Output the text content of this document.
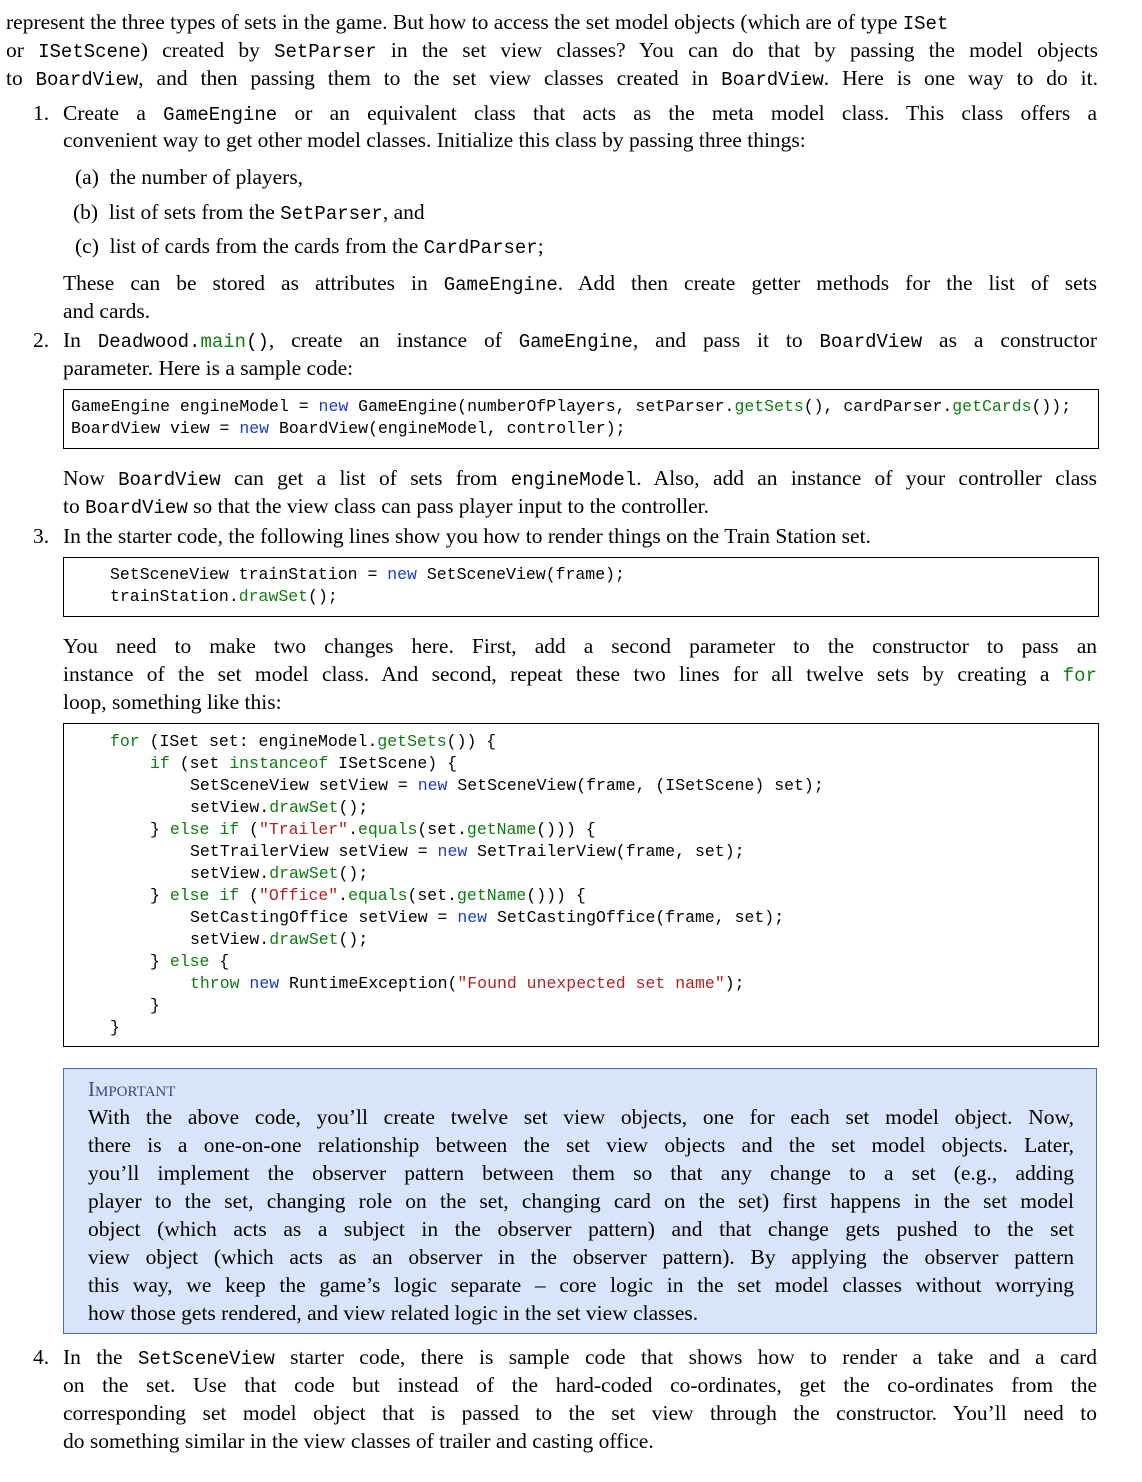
represent the three types of sets in the game. But how to access the set model objects (which are of type ISet
or ISetScene) created by SetParser in the set view classes? You can do that by passing the model objects
to BoardView, and then passing them to the set view classes created in BoardView. Here is one way to do it.
1. Create a GameEngine or an equivalent class that acts as the meta model class. This class offers a
convenient way to get other model classes. Initialize this class by passing three things:
(a) the number of players,
(b) list of sets from the SetParser, and
(c) list of cards from the cards from the CardParser;
These can be stored as attributes in GameEngine. Add then create getter methods for the list of sets
and cards.
2. In Deadwood.main(), create an instance of GameEngine, and pass it to BoardView as a constructor
parameter. Here is a sample code:
GameEngine engineModel = new GameEngine(numberOfPlayers, setParser.getSets(), cardParser.getCards());
BoardView view = new BoardView(engineModel, controller);
Now BoardView can get a list of sets from engineModel. Also, add an instance of your controller class
to BoardView so that the view class can pass player input to the controller.
3. In the starter code, the following lines show you how to render things on the Train Station set.
SetSceneView trainStation = new SetSceneView(frame);
trainStation.drawSet();
You need to make two changes here. First, add a second parameter to the constructor to pass an
instance of the set model class. And second, repeat these two lines for all twelve sets by creating a for
loop, something like this:
for (ISet set: engineModel.getSets()) {
if (set instanceof ISetScene) {
SetSceneView setView = new SetSceneView(frame, (ISetScene) set);
setView.drawSet();
} else if ("Trailer".equals(set.getName())) {
SetTrailerView setView = new SetTrailerView(frame, set);
setView.drawSet();
} else if ("Office".equals(set.getName())) {
SetCastingOffice setView = new SetCastingOffice(frame, set);
setView.drawSet();
} else {
throw new RuntimeException("Found unexpected set name");
}
}
Important
With the above code, you’ll create twelve set view objects, one for each set model object. Now,
there is a one-on-one relationship between the set view objects and the set model objects. Later,
you’ll implement the observer pattern between them so that any change to a set (e.g., adding
player to the set, changing role on the set, changing card on the set) first happens in the set model
object (which acts as a subject in the observer pattern) and that change gets pushed to the set
view object (which acts as an observer in the observer pattern). By applying the observer pattern
this way, we keep the game’s logic separate – core logic in the set model classes without worrying
how those gets rendered, and view related logic in the set view classes.
4. In the SetSceneView starter code, there is sample code that shows how to render a take and a card
on the set. Use that code but instead of the hard-coded co-ordinates, get the co-ordinates from the
corresponding set model object that is passed to the set view through the constructor. You’ll need to
do something similar in the view classes of trailer and casting office.
